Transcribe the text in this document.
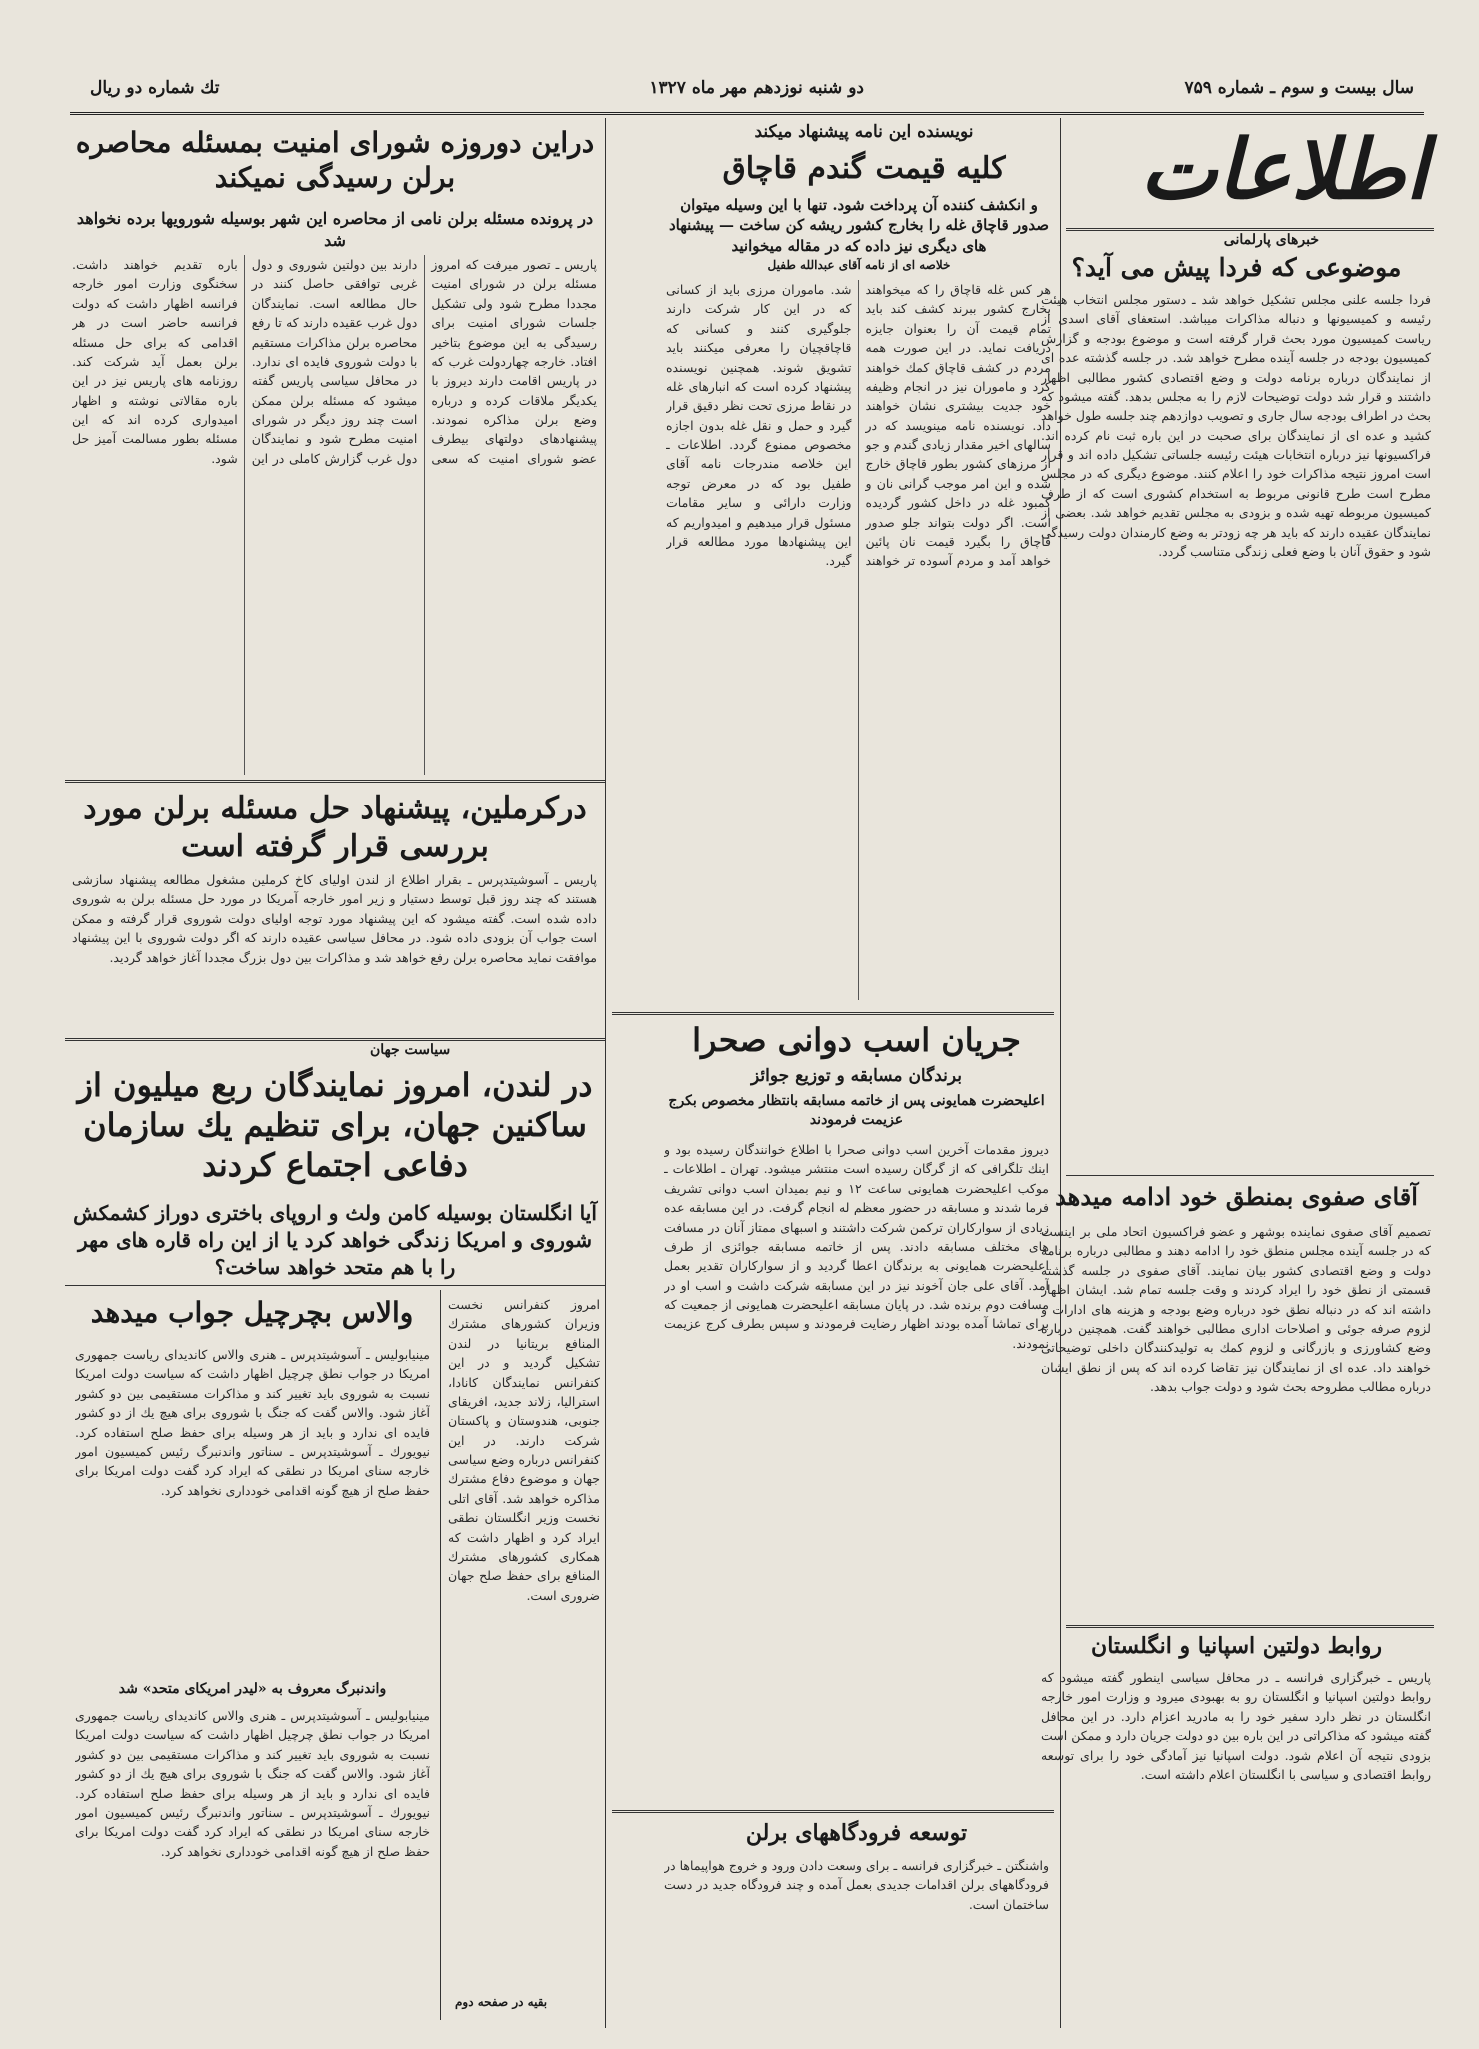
سال بيست و سوم ـ شماره ۷۵۹
دو شنبه نوزدهم مهر ماه ۱۳۲۷
تك شماره دو ريال
اطلاعات
خبرهاى پارلمانى
موضوعى كه فردا پيش مى آيد؟
فردا جلسه علنى مجلس تشكيل خواهد شد ـ دستور مجلس انتخاب هيئت رئيسه و كميسيونها و دنباله مذاكرات ميباشد. استعفاى آقاى اسدى از رياست كميسيون مورد بحث قرار گرفته است و موضوع بودجه و گزارش كميسيون بودجه در جلسه آينده مطرح خواهد شد. در جلسه گذشته عده اى از نمايندگان درباره برنامه دولت و وضع اقتصادى كشور مطالبى اظهار داشتند و قرار شد دولت توضيحات لازم را به مجلس بدهد. گفته ميشود كه بحث در اطراف بودجه سال جارى و تصويب دوازدهم چند جلسه طول خواهد كشيد و عده اى از نمايندگان براى صحبت در اين باره ثبت نام كرده اند. فراكسيونها نيز درباره انتخابات هيئت رئيسه جلساتى تشكيل داده اند و قرار است امروز نتيجه مذاكرات خود را اعلام كنند. موضوع ديگرى كه در مجلس مطرح است طرح قانونى مربوط به استخدام كشورى است كه از طرف كميسيون مربوطه تهيه شده و بزودى به مجلس تقديم خواهد شد. بعضى از نمايندگان عقيده دارند كه بايد هر چه زودتر به وضع كارمندان دولت رسيدگى شود و حقوق آنان با وضع فعلى زندگى متناسب گردد.
آقاى صفوى بمنطق خود ادامه ميدهد
تصميم آقاى صفوى نماينده بوشهر و عضو فراكسيون اتحاد ملى بر اينست كه در جلسه آينده مجلس منطق خود را ادامه دهند و مطالبى درباره برنامه دولت و وضع اقتصادى كشور بيان نمايند. آقاى صفوى در جلسه گذشته قسمتى از نطق خود را ايراد كردند و وقت جلسه تمام شد. ايشان اظهار داشته اند كه در دنباله نطق خود درباره وضع بودجه و هزينه هاى ادارات و لزوم صرفه جوئى و اصلاحات ادارى مطالبى خواهند گفت. همچنين درباره وضع كشاورزى و بازرگانى و لزوم كمك به توليدكنندگان داخلى توضيحاتى خواهند داد. عده اى از نمايندگان نيز تقاضا كرده اند كه پس از نطق ايشان درباره مطالب مطروحه بحث شود و دولت جواب بدهد.
روابط دولتين اسپانيا و انگلستان
پاريس ـ خبرگزارى فرانسه ـ در محافل سياسى اينطور گفته ميشود كه روابط دولتين اسپانيا و انگلستان رو به بهبودى ميرود و وزارت امور خارجه انگلستان در نظر دارد سفير خود را به مادريد اعزام دارد. در اين محافل گفته ميشود كه مذاكراتى در اين باره بين دو دولت جريان دارد و ممكن است بزودى نتيجه آن اعلام شود. دولت اسپانيا نيز آمادگى خود را براى توسعه روابط اقتصادى و سياسى با انگلستان اعلام داشته است.
نويسنده اين نامه پيشنهاد ميكند
كليه قيمت گندم قاچاق
و انكشف كننده آن پرداخت شود. تنها با اين وسيله ميتوان صدور قاچاق غله را بخارج كشور ريشه كن ساخت — پيشنهاد هاى ديگرى نيز داده كه در مقاله ميخوانيد
خلاصه اى از نامه آقاى عبدالله طفيل
هر كس غله قاچاق را كه ميخواهند بخارج كشور ببرند كشف كند بايد تمام قيمت آن را بعنوان جايزه دريافت نمايد. در اين صورت همه مردم در كشف قاچاق كمك خواهند كرد و ماموران نيز در انجام وظيفه خود جديت بيشترى نشان خواهند داد. نويسنده نامه مينويسد كه در سالهاى اخير مقدار زيادى گندم و جو از مرزهاى كشور بطور قاچاق خارج شده و اين امر موجب گرانى نان و كمبود غله در داخل كشور گرديده است. اگر دولت بتواند جلو صدور قاچاق را بگيرد قيمت نان پائين خواهد آمد و مردم آسوده تر خواهند شد. ماموران مرزى بايد از كسانى كه در اين كار شركت دارند جلوگيرى كنند و كسانى كه قاچاقچيان را معرفى ميكنند بايد تشويق شوند. همچنين نويسنده پيشنهاد كرده است كه انبارهاى غله در نقاط مرزى تحت نظر دقيق قرار گيرد و حمل و نقل غله بدون اجازه مخصوص ممنوع گردد. اطلاعات ـ اين خلاصه مندرجات نامه آقاى طفيل بود كه در معرض توجه وزارت دارائى و ساير مقامات مسئول قرار ميدهيم و اميدواريم كه اين پيشنهادها مورد مطالعه قرار گيرد.
جريان اسب دوانى صحرا
برندگان مسابقه و توزيع جوائز
اعليحضرت همايونى پس از خاتمه مسابقه بانتظار مخصوص بكرج عزيمت فرمودند
ديروز مقدمات آخرين اسب دوانى صحرا با اطلاع خوانندگان رسيده بود و اينك تلگرافى كه از گرگان رسيده است منتشر ميشود. تهران ـ اطلاعات ـ موكب اعليحضرت همايونى ساعت ۱۲ و نيم بميدان اسب دوانى تشريف فرما شدند و مسابقه در حضور معظم له انجام گرفت. در اين مسابقه عده زيادى از سواركاران تركمن شركت داشتند و اسبهاى ممتاز آنان در مسافت هاى مختلف مسابقه دادند. پس از خاتمه مسابقه جوائزى از طرف اعليحضرت همايونى به برندگان اعطا گرديد و از سواركاران تقدير بعمل آمد. آقاى على جان آخوند نيز در اين مسابقه شركت داشت و اسب او در مسافت دوم برنده شد. در پايان مسابقه اعليحضرت همايونى از جمعيت كه براى تماشا آمده بودند اظهار رضايت فرمودند و سپس بطرف كرج عزيمت نمودند.
توسعه فرودگاههاى برلن
واشنگتن ـ خبرگزارى فرانسه ـ براى وسعت دادن ورود و خروج هواپيماها در فرودگاههاى برلن اقدامات جديدى بعمل آمده و چند فرودگاه جديد در دست ساختمان است.
دراين دوروزه شوراى امنيت بمسئله محاصره برلن رسيدگى نميكند
در پرونده مسئله برلن نامى از محاصره اين شهر بوسيله شورويها برده نخواهد شد
پاريس ـ تصور ميرفت كه امروز مسئله برلن در شوراى امنيت مجددا مطرح شود ولى تشكيل جلسات شوراى امنيت براى رسيدگى به اين موضوع بتاخير افتاد. خارجه چهاردولت غرب كه در پاريس اقامت دارند ديروز با يكديگر ملاقات كرده و درباره وضع برلن مذاكره نمودند. پيشنهادهاى دولتهاى بيطرف عضو شوراى امنيت كه سعى دارند بين دولتين شوروى و دول غربى توافقى حاصل كنند در حال مطالعه است. نمايندگان دول غرب عقيده دارند كه تا رفع محاصره برلن مذاكرات مستقيم با دولت شوروى فايده اى ندارد. در محافل سياسى پاريس گفته ميشود كه مسئله برلن ممكن است چند روز ديگر در شوراى امنيت مطرح شود و نمايندگان دول غرب گزارش كاملى در اين باره تقديم خواهند داشت. سخنگوى وزارت امور خارجه فرانسه اظهار داشت كه دولت فرانسه حاضر است در هر اقدامى كه براى حل مسئله برلن بعمل آيد شركت كند. روزنامه هاى پاريس نيز در اين باره مقالاتى نوشته و اظهار اميدوارى كرده اند كه اين مسئله بطور مسالمت آميز حل شود.
دركرملين، پيشنهاد حل مسئله برلن مورد بررسى قرار گرفته است
پاريس ـ آسوشيتدپرس ـ بقرار اطلاع از لندن اولياى كاخ كرملين مشغول مطالعه پيشنهاد سازشى هستند كه چند روز قبل توسط دستيار و زير امور خارجه آمريكا در مورد حل مسئله برلن به شوروى داده شده است. گفته ميشود كه اين پيشنهاد مورد توجه اولياى دولت شوروى قرار گرفته و ممكن است جواب آن بزودى داده شود. در محافل سياسى عقيده دارند كه اگر دولت شوروى با اين پيشنهاد موافقت نمايد محاصره برلن رفع خواهد شد و مذاكرات بين دول بزرگ مجددا آغاز خواهد گرديد.
سياست جهان
در لندن، امروز نمايندگان ربع ميليون از ساكنين جهان، براى تنظيم يك سازمان دفاعى اجتماع كردند
آيا انگلستان بوسيله كامن ولث و اروپاى باخترى دوراز كشمكش شوروى و امريكا زندگى خواهد كرد يا از اين راه قاره هاى مهر را با هم متحد خواهد ساخت؟
والاس بچرچيل جواب ميدهد
مينيابوليس ـ آسوشيتدپرس ـ هنرى والاس كانديداى رياست جمهورى امريكا در جواب نطق چرچيل اظهار داشت كه سياست دولت امريكا نسبت به شوروى بايد تغيير كند و مذاكرات مستقيمى بين دو كشور آغاز شود. والاس گفت كه جنگ با شوروى براى هيچ يك از دو كشور فايده اى ندارد و بايد از هر وسيله براى حفظ صلح استفاده كرد. نيويورك ـ آسوشيتدپرس ـ سناتور واندنبرگ رئيس كميسيون امور خارجه سناى امريكا در نطقى كه ايراد كرد گفت دولت امريكا براى حفظ صلح از هيچ گونه اقدامى خوددارى نخواهد كرد.
واندنبرگ معروف به «ليدر امريكاى متحد» شد
مينيابوليس ـ آسوشيتدپرس ـ هنرى والاس كانديداى رياست جمهورى امريكا در جواب نطق چرچيل اظهار داشت كه سياست دولت امريكا نسبت به شوروى بايد تغيير كند و مذاكرات مستقيمى بين دو كشور آغاز شود. والاس گفت كه جنگ با شوروى براى هيچ يك از دو كشور فايده اى ندارد و بايد از هر وسيله براى حفظ صلح استفاده كرد. نيويورك ـ آسوشيتدپرس ـ سناتور واندنبرگ رئيس كميسيون امور خارجه سناى امريكا در نطقى كه ايراد كرد گفت دولت امريكا براى حفظ صلح از هيچ گونه اقدامى خوددارى نخواهد كرد.
امروز كنفرانس نخست وزيران كشورهاى مشترك المنافع بريتانيا در لندن تشكيل گرديد و در اين كنفرانس نمايندگان كانادا، استراليا، زلاند جديد، افريقاى جنوبى، هندوستان و پاكستان شركت دارند. در اين كنفرانس درباره وضع سياسى جهان و موضوع دفاع مشترك مذاكره خواهد شد. آقاى اتلى نخست وزير انگلستان نطقى ايراد كرد و اظهار داشت كه همكارى كشورهاى مشترك المنافع براى حفظ صلح جهان ضرورى است.
بقيه در صفحه دوم
